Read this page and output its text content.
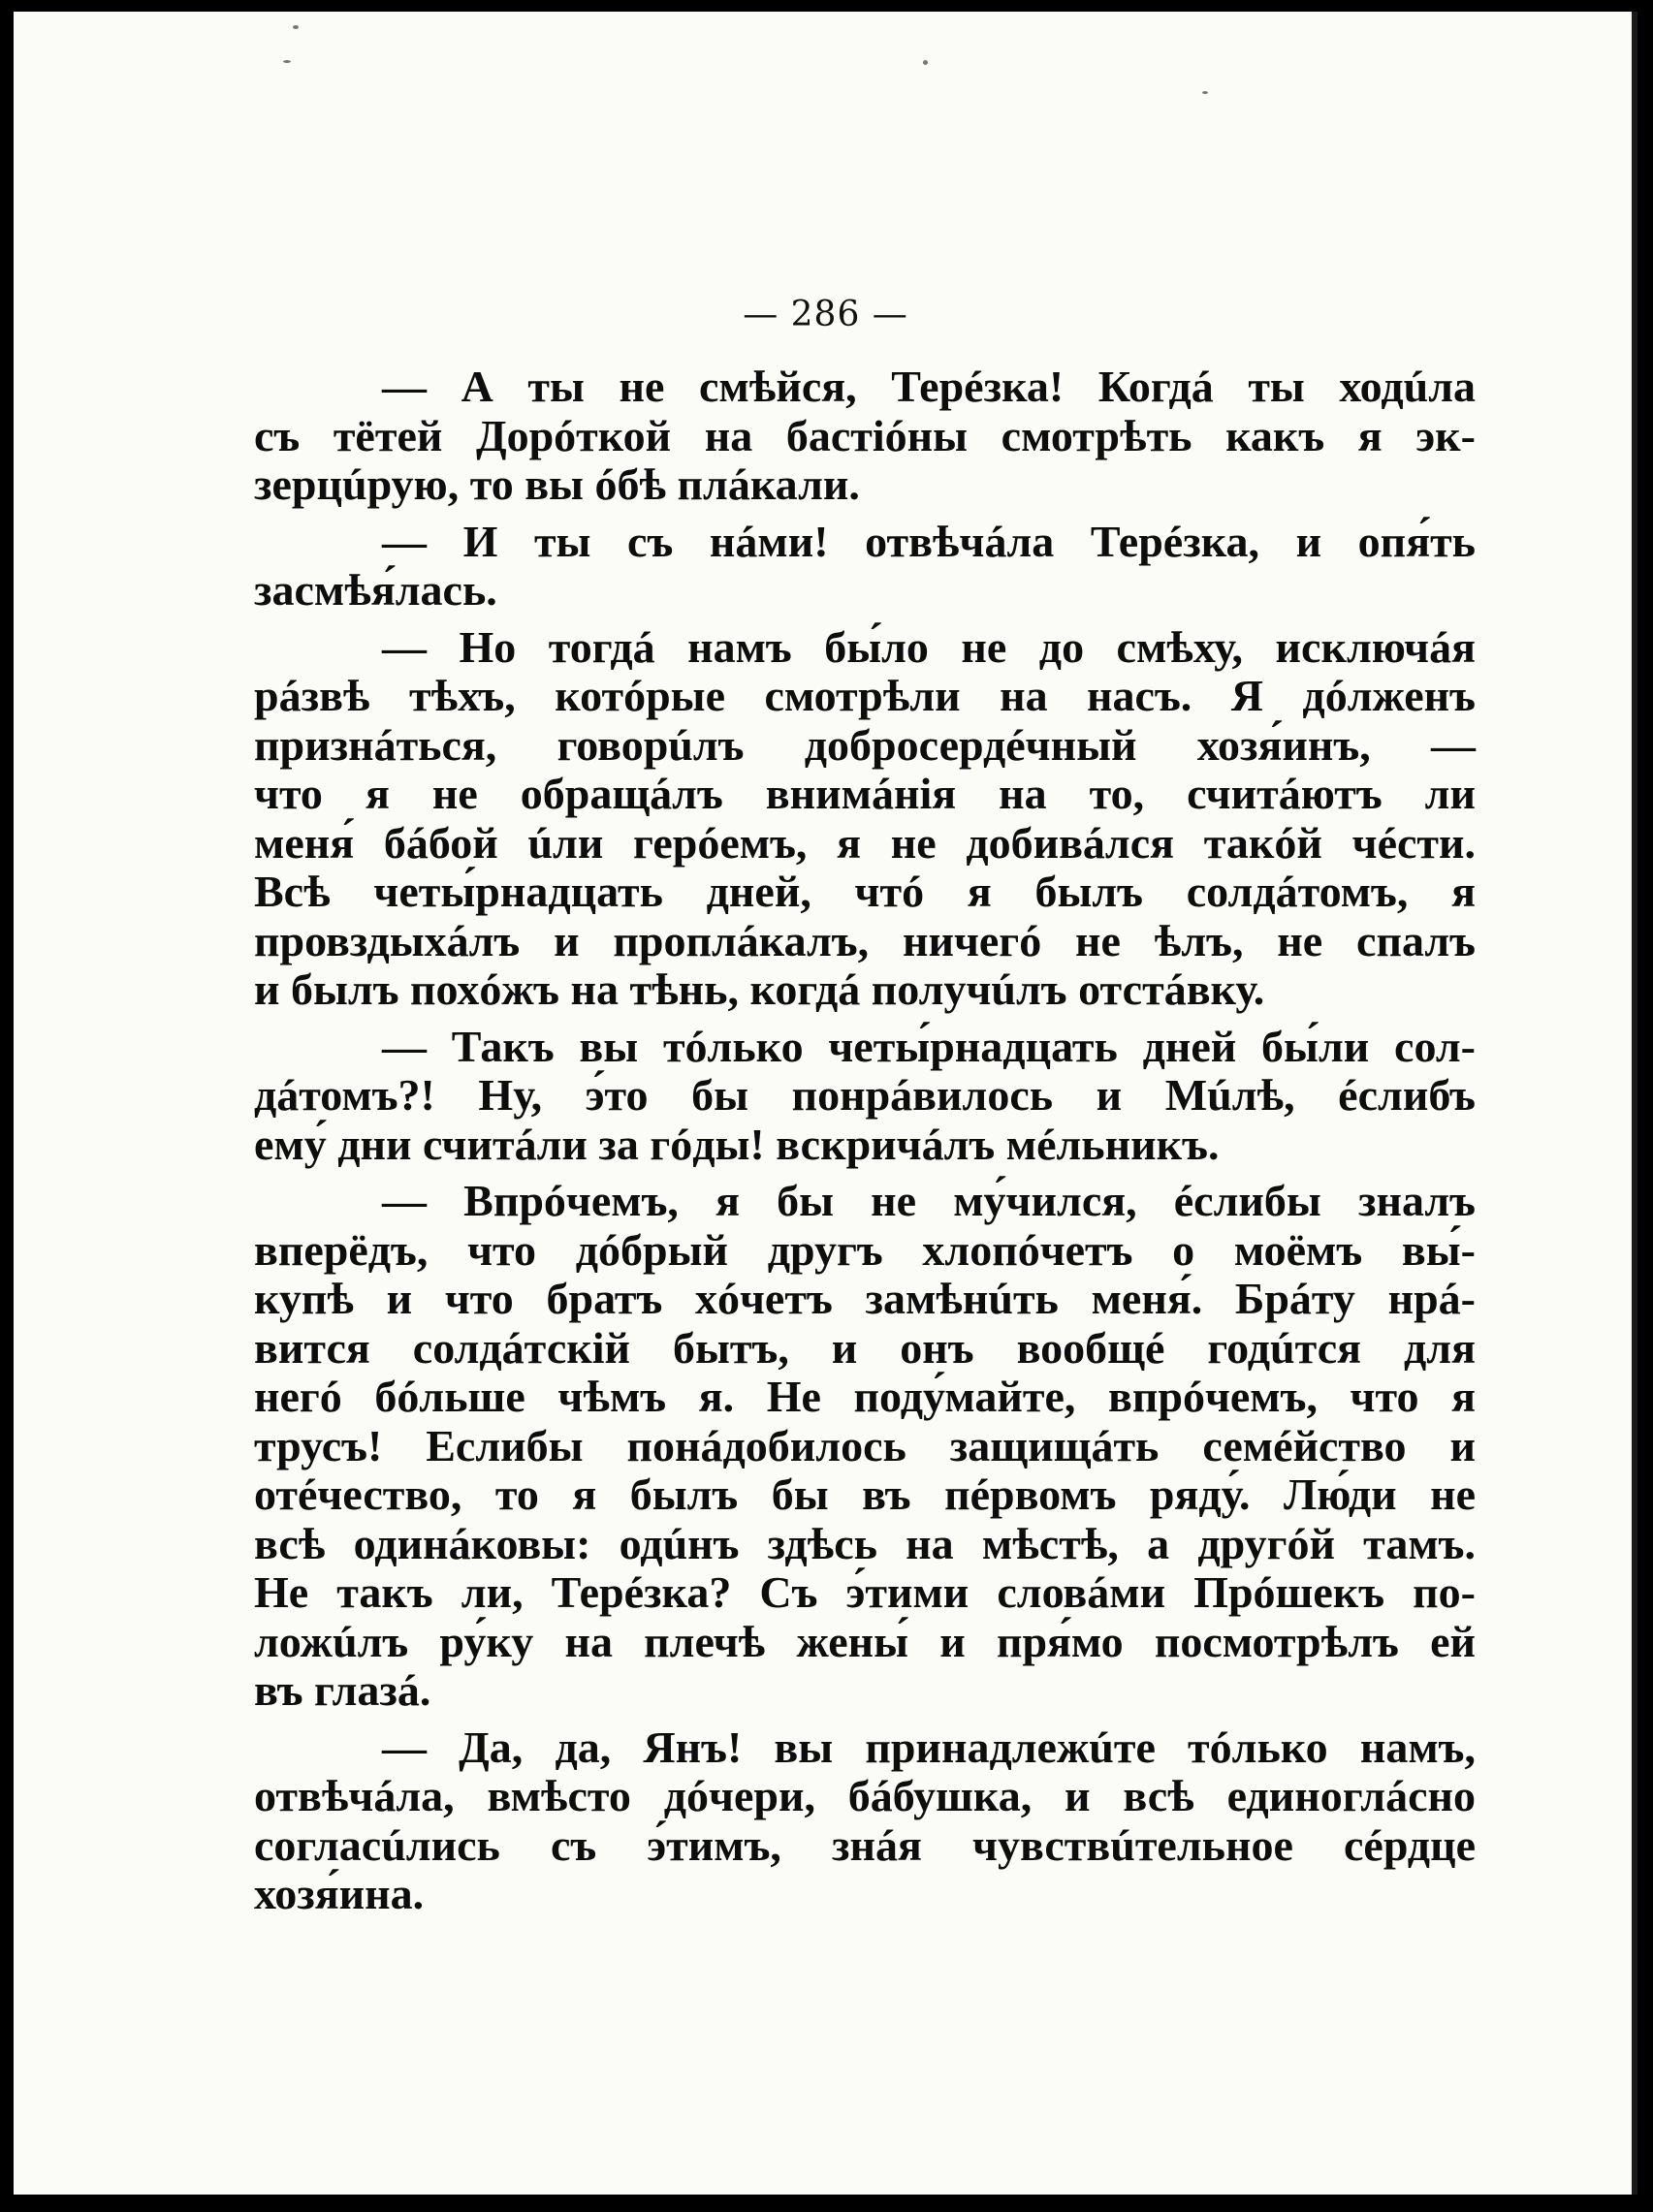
— 286 —

— А ты не смѣйся, Терéзка! Когдá ты ходúла
съ тётей Дорóткой на бастióны смотрѣть какъ я эк-
зерцúрую, то вы óбѣ плáкали.

— И ты съ нáми! отвѣчáла Терéзка, и опя́ть
засмѣя́лась.

— Но тогдá намъ бы́ло не до смѣху, исключáя
рáзвѣ тѣхъ, котóрые смотрѣли на насъ. Я дóлженъ
признáться, говорúлъ добросердéчный хозя́инъ, —
что я не обращáлъ внимáнія на то, считáютъ ли
меня́ бáбой úли герóемъ, я не добивáлся такóй чéсти.
Всѣ четы́рнадцать дней, чтó я былъ солдáтомъ, я
провздыхáлъ и проплáкалъ, ничегó не ѣлъ, не спалъ
и былъ похóжъ на тѣнь, когдá получúлъ отстáвку.

— Такъ вы тóлько четы́рнадцать дней бы́ли сол-
дáтомъ?! Ну, э́то бы понрáвилось и Мúлѣ, éслибъ
ему́ дни считáли за гóды! вскричáлъ мéльникъ.

— Впрóчемъ, я бы не му́чился, éслибы зналъ
вперёдъ, что дóбрый другъ хлопóчетъ о моёмъ вы́-
купѣ и что братъ хóчетъ замѣнúть меня́. Брáту нрá-
вится солдáтскій бытъ, и онъ вообщé годúтся для
негó бóльше чѣмъ я. Не поду́майте, впрóчемъ, что я
трусъ! Еслибы понáдобилось защищáть семéйство и
отéчество, то я былъ бы въ пéрвомъ ряду́. Лю́ди не
всѣ одинáковы: одúнъ здѣсь на мѣстѣ, а другóй тамъ.
Не такъ ли, Терéзка? Съ э́тими словáми Прóшекъ по-
ложúлъ ру́ку на плечѣ жены́ и пря́мо посмотрѣлъ ей
въ глазá.

— Да, да, Янъ! вы принадлежúте тóлько намъ,
отвѣчáла, вмѣсто дóчери, бáбушка, и всѣ единоглáсно
согласúлись съ э́тимъ, знáя чувствúтельное сéрдце
хозя́ина.
